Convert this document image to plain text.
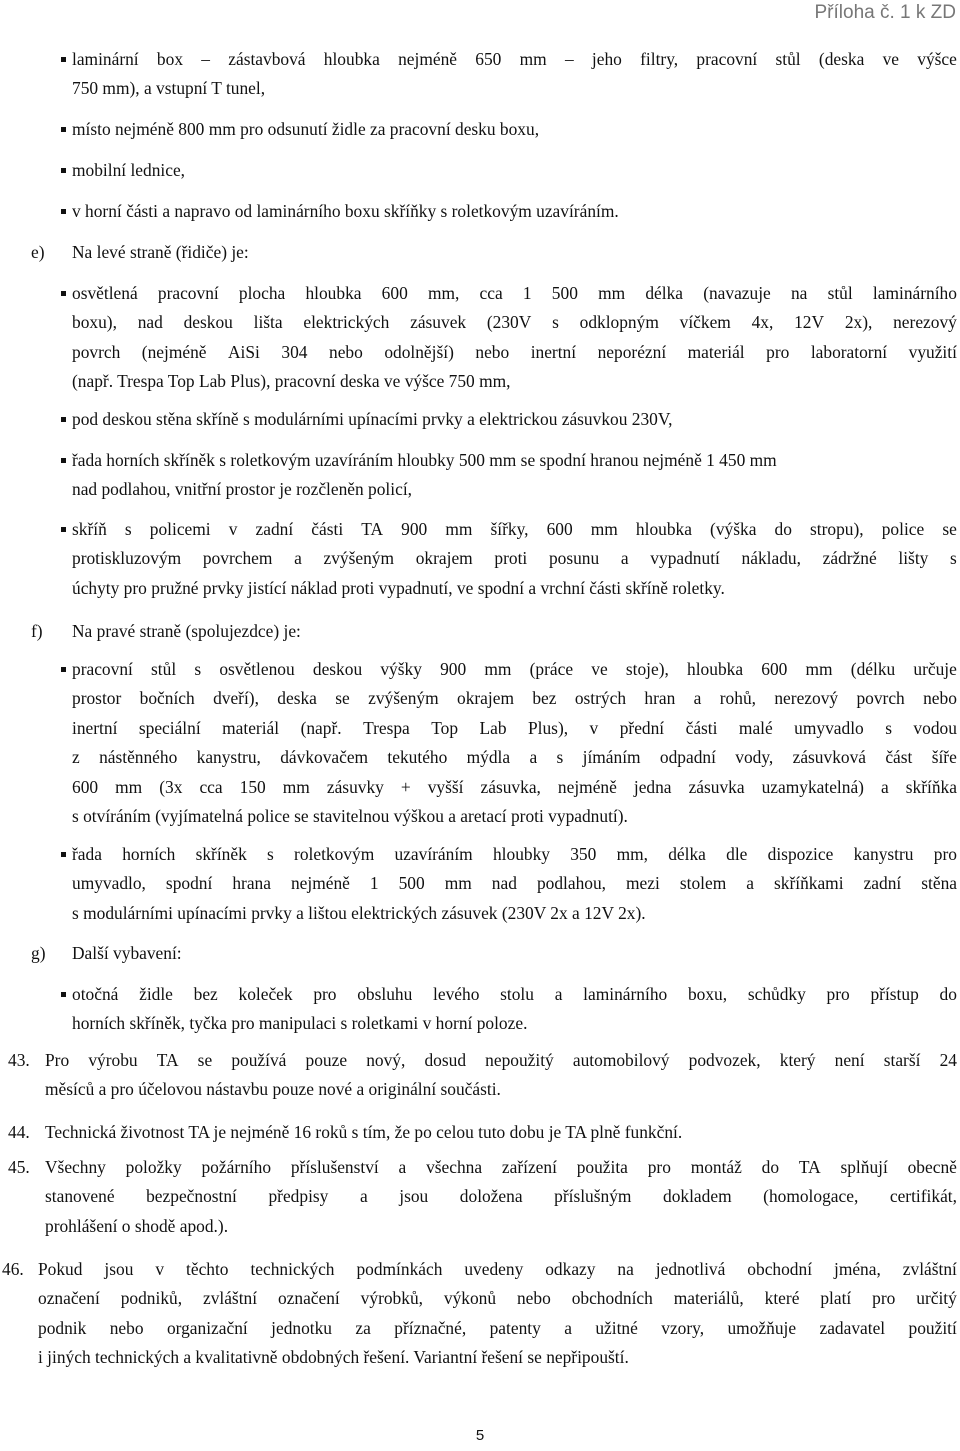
Příloha č. 1 k ZD
laminární box – zástavbová hloubka nejméně 650 mm – jeho filtry, pracovní stůl (deska ve výšce
750 mm), a vstupní T tunel,
místo nejméně 800 mm pro odsunutí židle za pracovní desku boxu,
mobilní lednice,
v horní části a napravo od laminárního boxu skříňky s roletkovým uzavíráním.
e) Na levé straně (řidiče) je:
osvětlená pracovní plocha hloubka 600 mm, cca 1 500 mm délka (navazuje na stůl laminárního
boxu), nad deskou lišta elektrických zásuvek (230V s odklopným víčkem 4x, 12V 2x), nerezový
povrch (nejméně AiSi 304 nebo odolnější) nebo inertní neporézní materiál pro laboratorní využití
(např. Trespa Top Lab Plus), pracovní deska ve výšce 750 mm,
pod deskou stěna skříně s modulárními upínacími prvky a elektrickou zásuvkou 230V,
řada horních skříněk s roletkovým uzavíráním hloubky 500 mm se spodní hranou nejméně 1 450 mm
nad podlahou, vnitřní prostor je rozčleněn policí,
skříň s policemi v zadní části TA 900 mm šířky, 600 mm hloubka (výška do stropu), police se
protiskluzovým povrchem a zvýšeným okrajem proti posunu a vypadnutí nákladu, zádržné lišty s
úchyty pro pružné prvky jistící náklad proti vypadnutí, ve spodní a vrchní části skříně roletky.
f) Na pravé straně (spolujezdce) je:
pracovní stůl s osvětlenou deskou výšky 900 mm (práce ve stoje), hloubka 600 mm (délku určuje
prostor bočních dveří), deska se zvýšeným okrajem bez ostrých hran a rohů, nerezový povrch nebo
inertní speciální materiál (např. Trespa Top Lab Plus), v přední části malé umyvadlo s vodou
z nástěnného kanystru, dávkovačem tekutého mýdla a s jímáním odpadní vody, zásuvková část šíře
600 mm (3x cca 150 mm zásuvky + vyšší zásuvka, nejméně jedna zásuvka uzamykatelná) a skříňka
s otvíráním (vyjímatelná police se stavitelnou výškou a aretací proti vypadnutí).
řada horních skříněk s roletkovým uzavíráním hloubky 350 mm, délka dle dispozice kanystru pro
umyvadlo, spodní hrana nejméně 1 500 mm nad podlahou, mezi stolem a skříňkami zadní stěna
s modulárními upínacími prvky a lištou elektrických zásuvek (230V 2x a 12V 2x).
g) Další vybavení:
otočná židle bez koleček pro obsluhu levého stolu a laminárního boxu, schůdky pro přístup do
horních skříněk, tyčka pro manipulaci s roletkami v horní poloze.
43. Pro výrobu TA se používá pouze nový, dosud nepoužitý automobilový podvozek, který není starší 24
měsíců a pro účelovou nástavbu pouze nové a originální součásti.
44. Technická životnost TA je nejméně 16 roků s tím, že po celou tuto dobu je TA plně funkční.
45. Všechny položky požárního příslušenství a všechna zařízení použita pro montáž do TA splňují obecně
stanovené bezpečnostní předpisy a jsou doložena příslušným dokladem (homologace, certifikát,
prohlášení o shodě apod.).
46. Pokud jsou v těchto technických podmínkách uvedeny odkazy na jednotlivá obchodní jména, zvláštní
označení podniků, zvláštní označení výrobků, výkonů nebo obchodních materiálů, které platí pro určitý
podnik nebo organizační jednotku za příznačné, patenty a užitné vzory, umožňuje zadavatel použití
i jiných technických a kvalitativně obdobných řešení. Variantní řešení se nepřipouští.
5
